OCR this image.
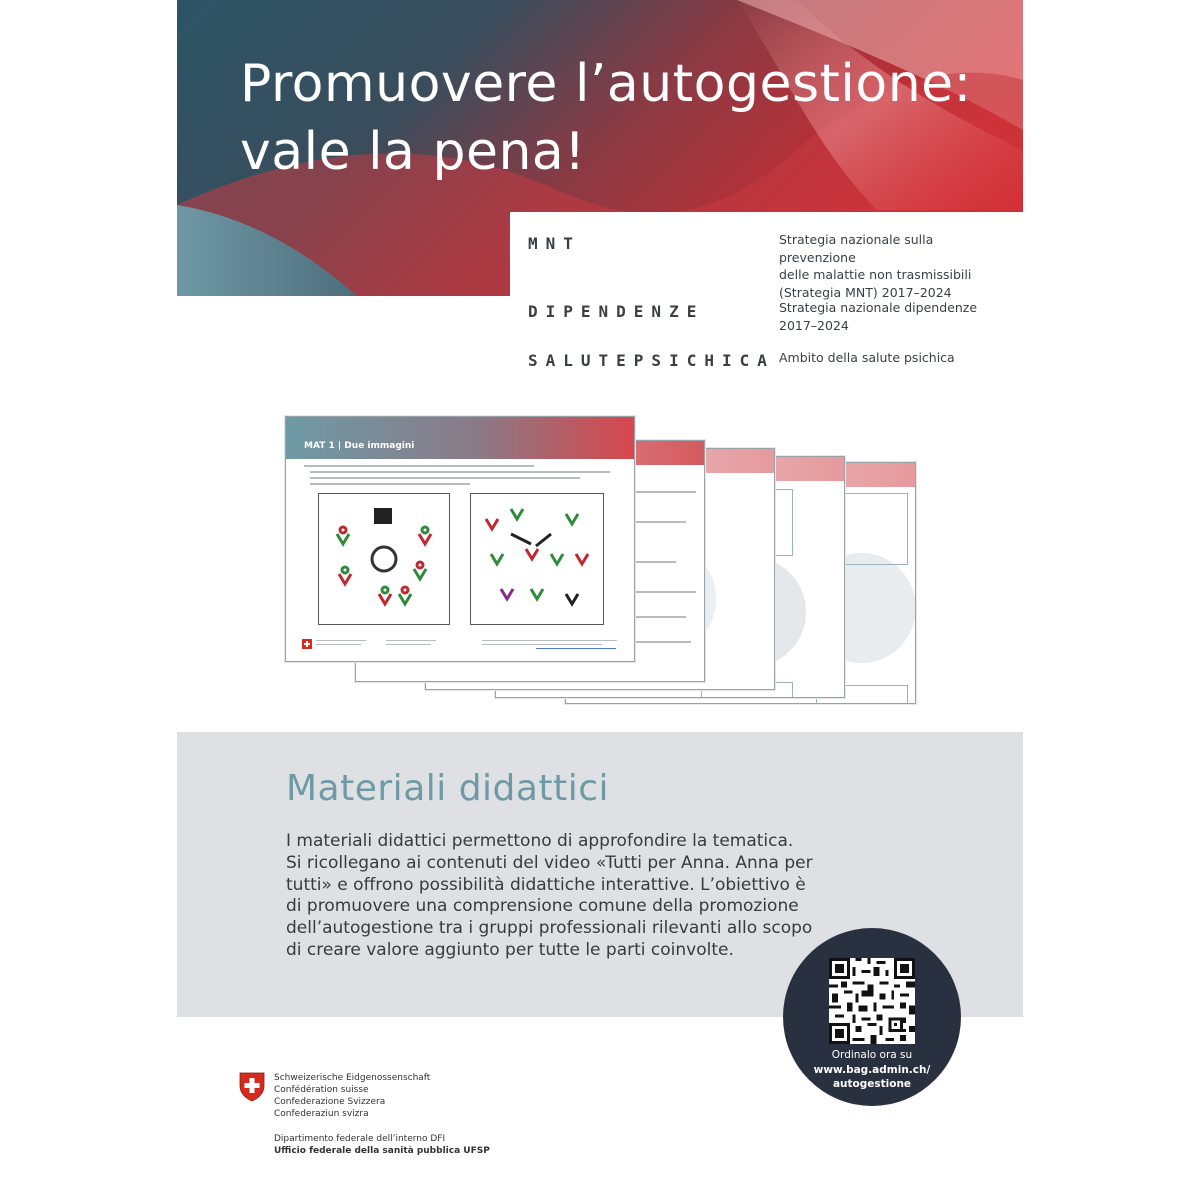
Promuovere l’autogestione:
vale la pena!
MNT	Strategia nazionale sulla prevenzione
delle malattie non trasmissibili
(Strategia MNT) 2017–2024
DIPENDENZE	Strategia nazionale dipendenze
2017–2024
SALUTEPSICHICA Ambito della salute psichica
MAT 1 | Due immagini
Materiali didattici
I materiali didattici permettono di approfondire la tematica.
Si ricollegano ai contenuti del video «Tutti per Anna. Anna per
tutti» e offrono possibilità didattiche interattive. L’obiettivo è
di promuovere una comprensione comune della promozione
dell’autogestione tra i gruppi professionali rilevanti allo scopo
di creare valore aggiunto per tutte le parti coinvolte.
Ordinalo ora su
www.bag.admin.ch/
autogestione
Schweizerische Eidgenossenschaft
Confédération suisse
Confederazione Svizzera
Confederaziun svizra
Dipartimento federale dell’interno DFI
Ufficio federale della sanità pubblica UFSP
